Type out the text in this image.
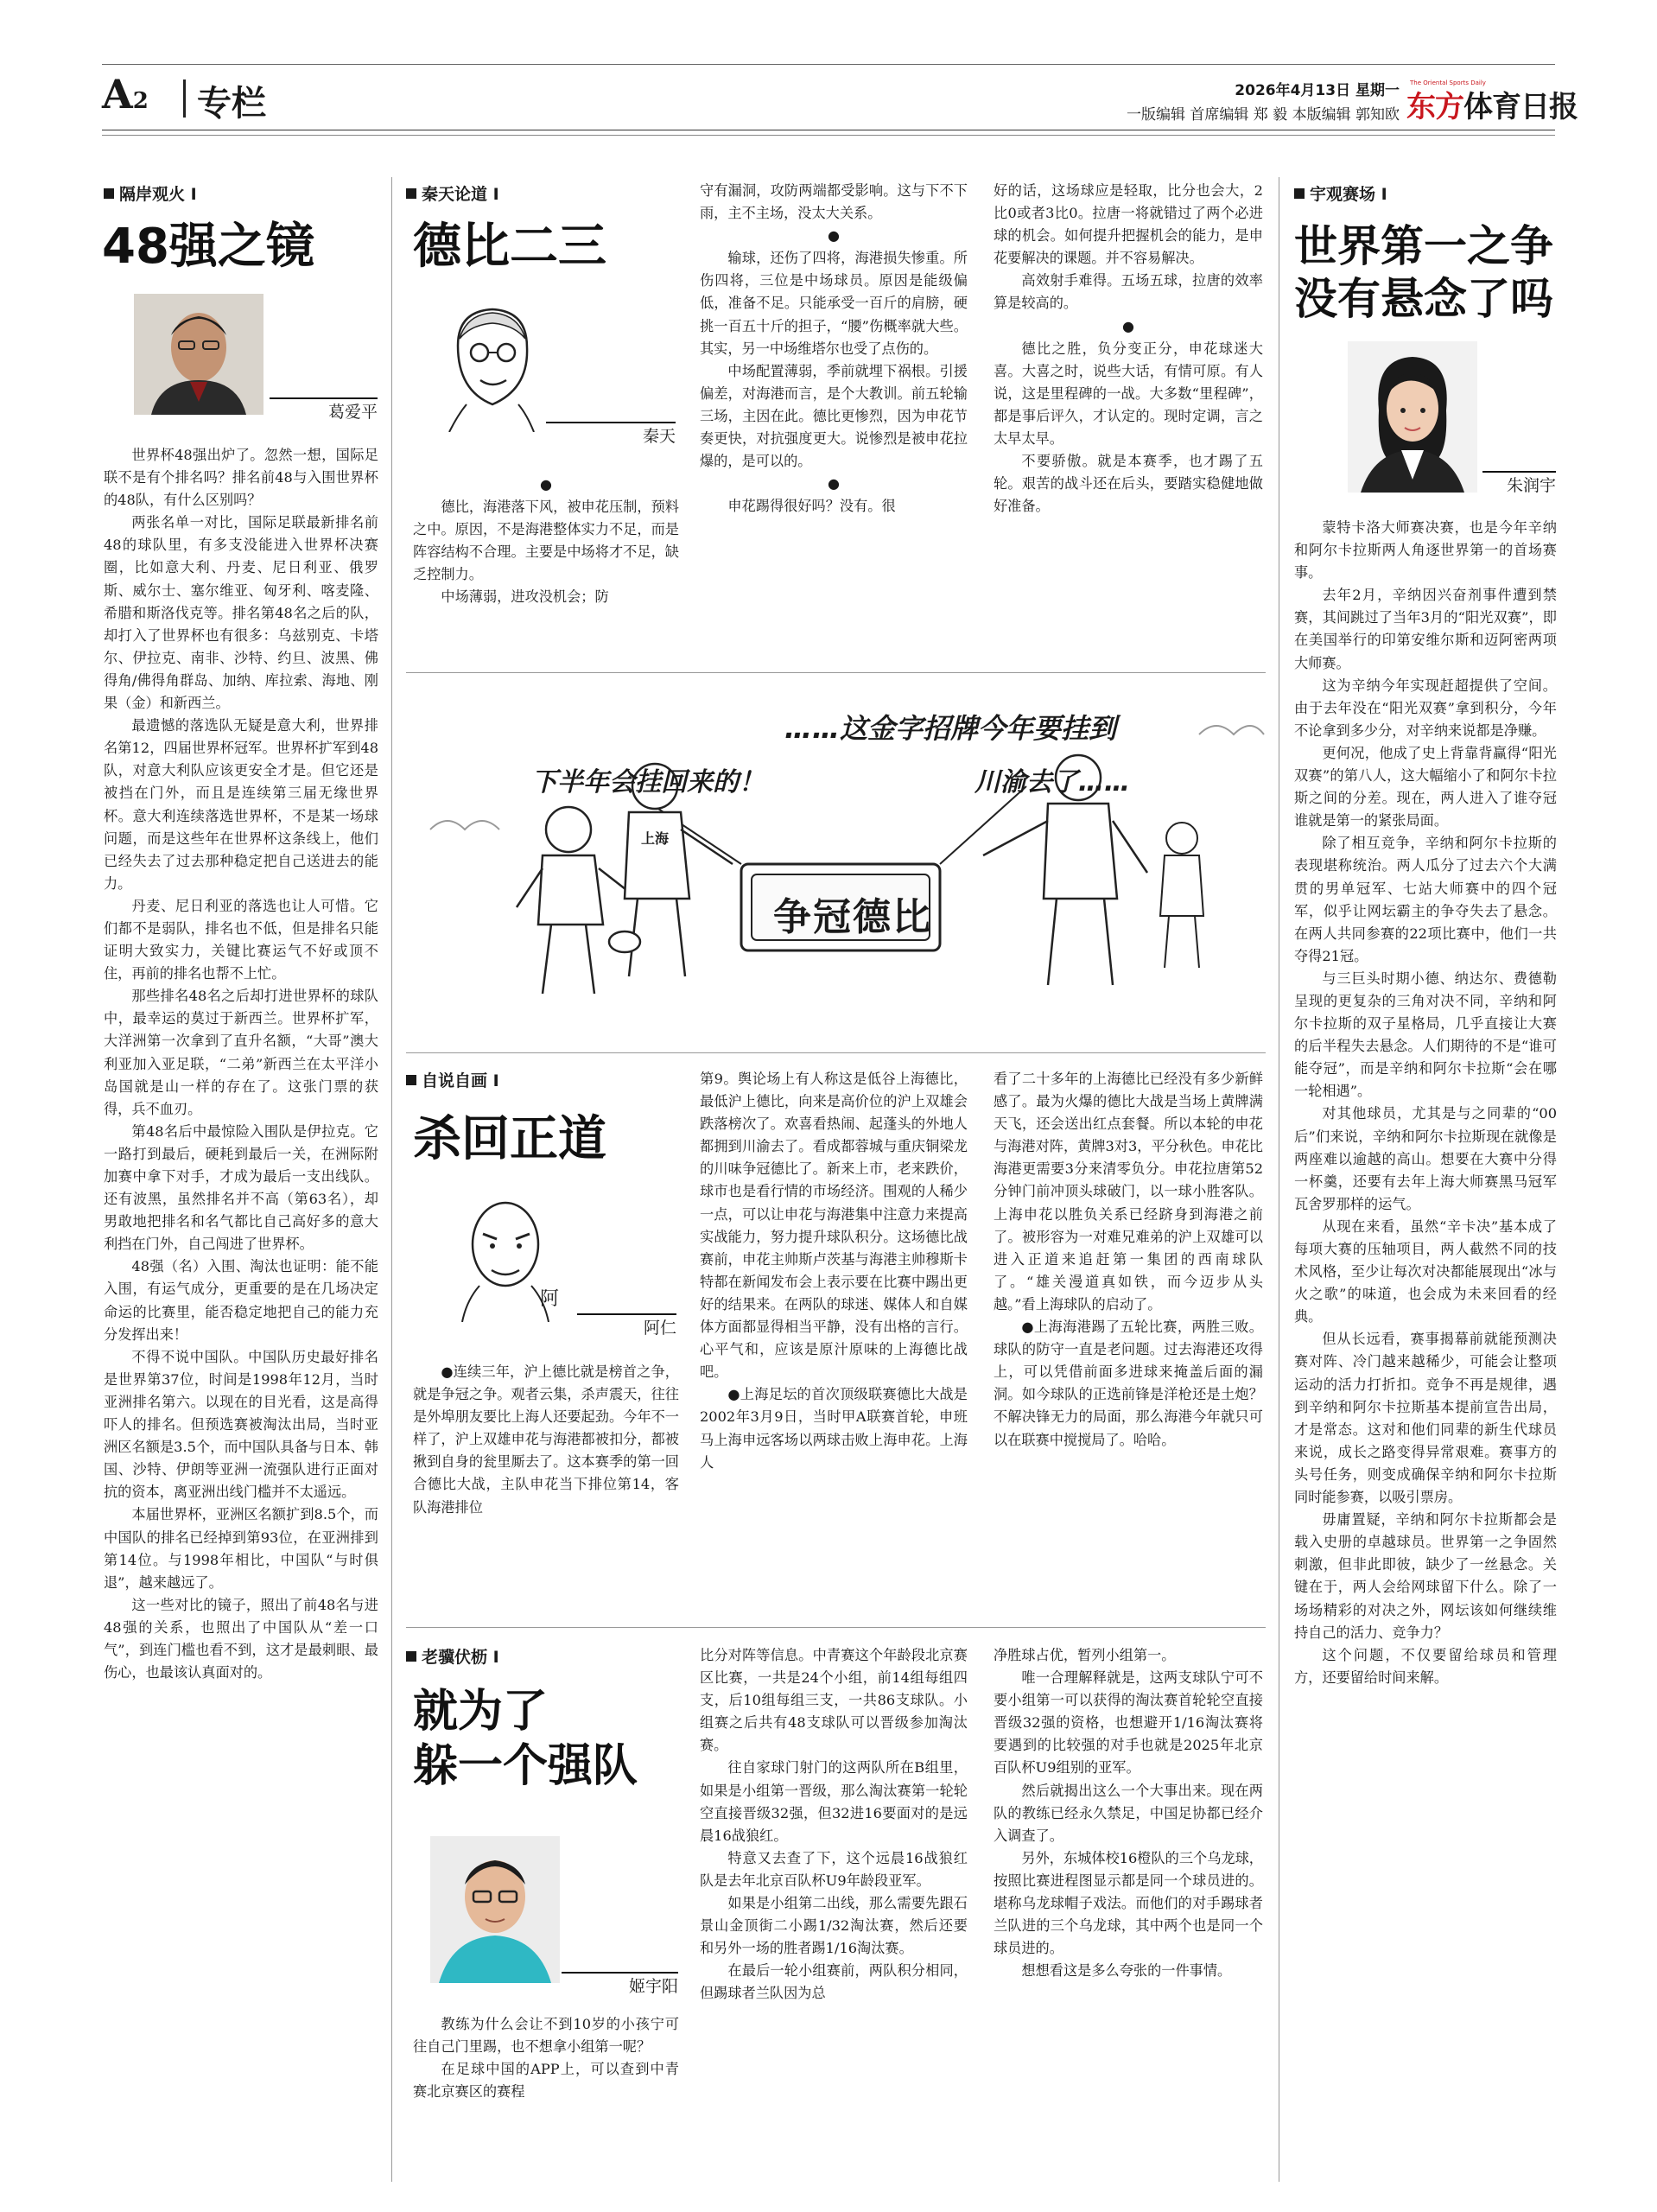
A2 专栏	2026年4月13日 星期一
一版编辑 首席编辑 郑 毅 本版编辑 郭知欧
The Oriental Sports Daily
东方体育日报
隔岸观火 Ⅰ
48强之镜
葛爱平

世界杯48强出炉了。忽然一想，国际足联不是有个排名吗？排名前48与入围世界杯的48队，有什么区别吗？

两张名单一对比，国际足联最新排名前48的球队里，有多支没能进入世界杯决赛圈，比如意大利、丹麦、尼日利亚、俄罗斯、威尔士、塞尔维亚、匈牙利、喀麦隆、希腊和斯洛伐克等。排名第48名之后的队，却打入了世界杯也有很多：乌兹别克、卡塔尔、伊拉克、南非、沙特、约旦、波黑、佛得角/佛得角群岛、加纳、库拉索、海地、刚果（金）和新西兰。

最遗憾的落选队无疑是意大利，世界排名第12，四届世界杯冠军。世界杯扩军到48队，对意大利队应该更安全才是。但它还是被挡在门外，而且是连续第三届无缘世界杯。意大利连续落选世界杯，不是某一场球问题，而是这些年在世界杯这条线上，他们已经失去了过去那种稳定把自己送进去的能力。

丹麦、尼日利亚的落选也让人可惜。它们都不是弱队，排名也不低，但是排名只能证明大致实力，关键比赛运气不好或顶不住，再前的排名也帮不上忙。

那些排名48名之后却打进世界杯的球队中，最幸运的莫过于新西兰。世界杯扩军，大洋洲第一次拿到了直升名额，“大哥”澳大利亚加入亚足联，“二弟”新西兰在太平洋小岛国就是山一样的存在了。这张门票的获得，兵不血刃。

第48名后中最惊险入围队是伊拉克。它一路打到最后，硬耗到最后一关，在洲际附加赛中拿下对手，才成为最后一支出线队。还有波黑，虽然排名并不高（第63名），却男敢地把排名和名气都比自己高好多的意大利挡在门外，自己闯进了世界杯。

48强（名）入围、淘汰也证明：能不能入围，有运气成分，更重要的是在几场决定命运的比赛里，能否稳定地把自己的能力充分发挥出来！

不得不说中国队。中国队历史最好排名是世界第37位，时间是1998年12月，当时亚洲排名第六。以现在的目光看，这是高得吓人的排名。但预选赛被淘汰出局，当时亚洲区名额是3.5个，而中国队具备与日本、韩国、沙特、伊朗等亚洲一流强队进行正面对抗的资本，离亚洲出线门槛并不太遥远。

本届世界杯，亚洲区名额扩到8.5个，而中国队的排名已经掉到第93位，在亚洲排到第14位。与1998年相比，中国队“与时俱退”，越来越远了。

这一些对比的镜子，照出了前48名与进48强的关系，也照出了中国队从“差一口气”，到连门槛也看不到，这才是最刺眼、最伤心，也最该认真面对的。

秦天论道 Ⅰ
德比二三
秦天

●

德比，海港落下风，被申花压制，预料之中。原因，不是海港整体实力不足，而是阵容结构不合理。主要是中场将才不足，缺乏控制力。

中场薄弱，进攻没机会；防

守有漏洞，攻防两端都受影响。这与下不下雨，主不主场，没太大关系。

●

输球，还伤了四将，海港损失惨重。所伤四将，三位是中场球员。原因是能级偏低，准备不足。只能承受一百斤的肩膀，硬挑一百五十斤的担子，“腰”伤概率就大些。其实，另一中场维塔尔也受了点伤的。

中场配置薄弱，季前就埋下祸根。引援偏差，对海港而言，是个大教训。前五轮输三场，主因在此。德比更惨烈，因为申花节奏更快，对抗强度更大。说惨烈是被申花拉爆的，是可以的。

●

申花踢得很好吗？没有。很

好的话，这场球应是轻取，比分也会大，2比0或者3比0。拉唐一将就错过了两个必进球的机会。如何提升把握机会的能力，是申花要解决的课题。并不容易解决。

高效射手难得。五场五球，拉唐的效率算是较高的。

●

德比之胜，负分变正分，申花球迷大喜。大喜之时，说些大话，有情可原。有人说，这是里程碑的一战。大多数“里程碑”，都是事后评久，才认定的。现时定调，言之太早太早。

不要骄傲。就是本赛季，也才踢了五轮。艰苦的战斗还在后头，要踏实稳健地做好准备。

……这金字招牌今年要挂到
下半年会挂回来的！	川渝去了……
争冠德比
上海
自说自画 Ⅰ
杀回正道
阿
阿仁

●连续三年，沪上德比就是榜首之争，就是争冠之争。观者云集，杀声震天，往往是外埠朋友要比上海人还要起劲。今年不一样了，沪上双雄申花与海港都被扣分，都被揪到自身的瓮里厮去了。这本赛季的第一回合德比大战，主队申花当下排位第14，客队海港排位

第9。舆论场上有人称这是低谷上海德比，最低沪上德比，向来是高价位的沪上双雄会跌落榜次了。欢喜看热闹、起蓬头的外地人都拥到川渝去了。看成都蓉城与重庆铜梁龙的川味争冠德比了。新来上市，老来跌价，球市也是看行情的市场经济。围观的人稀少一点，可以让申花与海港集中注意力来提高实战能力，努力提升球队积分。这场德比战赛前，申花主帅斯卢茨基与海港主帅穆斯卡特都在新闻发布会上表示要在比赛中踢出更好的结果来。在两队的球迷、媒体人和自媒体方面都显得相当平静，没有出格的言行。心平气和，应该是原汁原味的上海德比战吧。

●上海足坛的首次顶级联赛德比大战是2002年3月9日，当时甲A联赛首轮，申班马上海申远客场以两球击败上海申花。上海人

看了二十多年的上海德比已经没有多少新鲜感了。最为火爆的德比大战是当场上黄牌满天飞，还会送出红点套餐。所以本轮的申花与海港对阵，黄牌3对3，平分秋色。申花比海港更需要3分来清零负分。申花拉唐第52分钟门前冲顶头球破门，以一球小胜客队。上海申花以胜负关系已经跻身到海港之前了。被形容为一对难兄难弟的沪上双雄可以进入正道来追赶第一集团的西南球队了。“雄关漫道真如铁，而今迈步从头越。”看上海球队的启动了。

●上海海港踢了五轮比赛，两胜三败。球队的防守一直是老问题。过去海港还攻得上，可以凭借前面多进球来掩盖后面的漏洞。如今球队的正选前锋是洋枪还是土炮？不解决锋无力的局面，那么海港今年就只可以在联赛中搅搅局了。哈哈。

老骥伏枥 Ⅰ
就为了
躲一个强队
姬宇阳

教练为什么会让不到10岁的小孩宁可往自己门里踢，也不想拿小组第一呢？

在足球中国的APP上，可以查到中青赛北京赛区的赛程

比分对阵等信息。中青赛这个年龄段北京赛区比赛，一共是24个小组，前14组每组四支，后10组每组三支，一共86支球队。小组赛之后共有48支球队可以晋级参加淘汰赛。

往自家球门射门的这两队所在B组里，如果是小组第一晋级，那么淘汰赛第一轮轮空直接晋级32强，但32进16要面对的是远晨16战狼红。

特意又去查了下，这个远晨16战狼红队是去年北京百队杯U9年龄段亚军。

如果是小组第二出线，那么需要先跟石景山金顶街二小踢1/32淘汰赛，然后还要和另外一场的胜者踢1/16淘汰赛。

在最后一轮小组赛前，两队积分相同，但踢球者兰队因为总

净胜球占优，暂列小组第一。

唯一合理解释就是，这两支球队宁可不要小组第一可以获得的淘汰赛首轮轮空直接晋级32强的资格，也想避开1/16淘汰赛将要遇到的比较强的对手也就是2025年北京百队杯U9组别的亚军。

然后就揭出这么一个大事出来。现在两队的教练已经永久禁足，中国足协都已经介入调查了。

另外，东城体校16橙队的三个乌龙球，按照比赛进程图显示都是同一个球员进的。堪称乌龙球帽子戏法。而他们的对手踢球者兰队进的三个乌龙球，其中两个也是同一个球员进的。

想想看这是多么夸张的一件事情。

宇观赛场 Ⅰ
世界第一之争
没有悬念了吗
朱润宇

蒙特卡洛大师赛决赛，也是今年辛纳和阿尔卡拉斯两人角逐世界第一的首场赛事。

去年2月，辛纳因兴奋剂事件遭到禁赛，其间跳过了当年3月的“阳光双赛”，即在美国举行的印第安维尔斯和迈阿密两项大师赛。

这为辛纳今年实现赶超提供了空间。由于去年没在“阳光双赛”拿到积分，今年不论拿到多少分，对辛纳来说都是净赚。

更何况，他成了史上背靠背赢得“阳光双赛”的第八人，这大幅缩小了和阿尔卡拉斯之间的分差。现在，两人进入了谁夺冠谁就是第一的紧张局面。

除了相互竞争，辛纳和阿尔卡拉斯的表现堪称统治。两人瓜分了过去六个大满贯的男单冠军、七站大师赛中的四个冠军，似乎让网坛霸主的争夺失去了悬念。在两人共同参赛的22项比赛中，他们一共夺得21冠。

与三巨头时期小德、纳达尔、费德勒呈现的更复杂的三角对决不同，辛纳和阿尔卡拉斯的双子星格局，几乎直接让大赛的后半程失去悬念。人们期待的不是“谁可能夺冠”，而是辛纳和阿尔卡拉斯“会在哪一轮相遇”。

对其他球员，尤其是与之同辈的“00后”们来说，辛纳和阿尔卡拉斯现在就像是两座难以逾越的高山。想要在大赛中分得一杯羹，还要有去年上海大师赛黑马冠军瓦舍罗那样的运气。

从现在来看，虽然“辛卡决”基本成了每项大赛的压轴项目，两人截然不同的技术风格，至少让每次对决都能展现出“冰与火之歌”的味道，也会成为未来回看的经典。

但从长远看，赛事揭幕前就能预测决赛对阵、冷门越来越稀少，可能会让整项运动的活力打折扣。竞争不再是规律，遇到辛纳和阿尔卡拉斯基本提前宣告出局，才是常态。这对和他们同辈的新生代球员来说，成长之路变得异常艰难。赛事方的头号任务，则变成确保辛纳和阿尔卡拉斯同时能参赛，以吸引票房。

毋庸置疑，辛纳和阿尔卡拉斯都会是载入史册的卓越球员。世界第一之争固然刺激，但非此即彼，缺少了一丝悬念。关键在于，两人会给网球留下什么。除了一场场精彩的对决之外，网坛该如何继续维持自己的活力、竞争力？

这个问题，不仅要留给球员和管理方，还要留给时间来解。
